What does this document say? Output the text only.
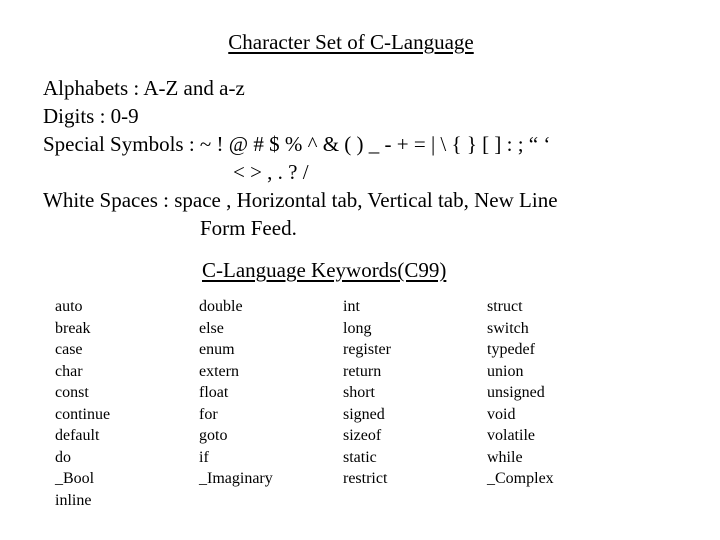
Character Set of C-Language
Alphabets : A-Z and a-z
Digits : 0-9
Special Symbols : ~ ! @ # $ % ^ & ( ) _ - + = | \ { } [ ] : ; “ ‘
< > , . ? /
White Spaces : space , Horizontal tab, Vertical tab, New Line
Form Feed.
C-Language Keywords(C99)
auto
break
case
char
const
continue
default
do
_Bool
inline
double
else
enum
extern
float
for
goto
if
_Imaginary
int
long
register
return
short
signed
sizeof
static
restrict
struct
switch
typedef
union
unsigned
void
volatile
while
_Complex
